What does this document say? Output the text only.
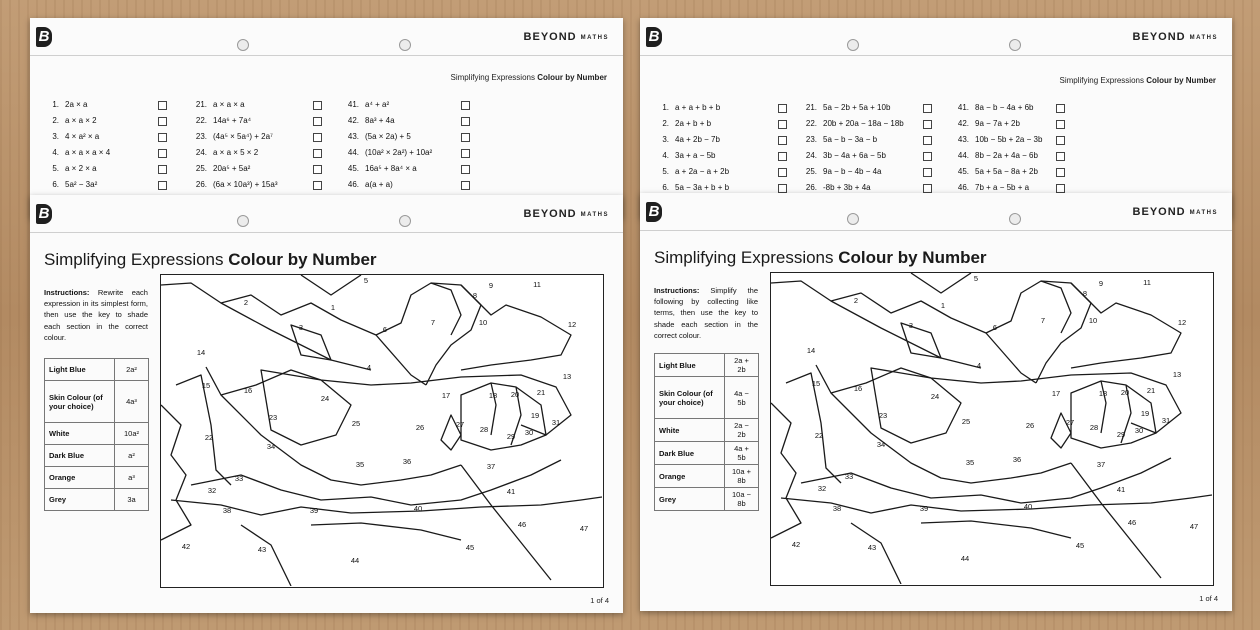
B	BEYOND MATHS
Simplifying Expressions Colour by Number
1. 2a × a
2. a × a × 2
3. 4 × a² × a
4. a × a × a × 4
5. a × 2 × a
6. 5a² − 3a²
21. a × a × a
22. 14a⁶ + 7a⁴
23. (4a⁵ × 5a⁴) + 2a⁷
24. a × a × 5 × 2
25. 20a⁵ + 5a²
26. (6a × 10a³) + 15a³
41. a⁴ + a²
42. 8a³ + 4a
43. (5a × 2a) + 5
44. (10a² × 2a²) + 10a²
45. 16a⁵ + 8a⁴ × a
46. a(a + a)
B	BEYOND MATHS
Simplifying Expressions Colour by Number
1. a + a + b + b
2. 2a + b + b
3. 4a + 2b − 7b
4. 3a + a − 5b
5. a + 2a − a + 2b
6. 5a − 3a + b + b
21. 5a − 2b + 5a + 10b
22. 20b + 20a − 18a − 18b
23. 5a − b − 3a − b
24. 3b − 4a + 6a − 5b
25. 9a − b − 4b − 4a
26. -8b + 3b + 4a
41. 8a − b − 4a + 6b
42. 9a − 7a + 2b
43. 10b − 5b + 2a − 3b
44. 8b − 2a + 4a − 6b
45. 5a + 5a − 8a + 2b
46. 7b + a − 5b + a
B	BEYOND MATHS
Simplifying Expressions Colour by Number
Instructions: Rewrite each expression in its simplest form, then use the key to shade each section in the correct colour.
Light Blue	2a²
Skin Colour (of your choice)	4a³
White	10a²
Dark Blue	a²
Orange	a³
Grey	3a
1
2
3
4
5
6
7
8
9
10
11
12
13
14
15
16
17	18
19
20 21
22
23
24
25	26	27
28
29 30
31
32
33
34
35	36
37
38	39	40
41
42	43
44
45
46	47
1 of 4
B	BEYOND MATHS
Simplifying Expressions Colour by Number
Instructions: Simplify the following by collecting like terms, then use the key to shade each section in the correct colour.
Light Blue	2a + 2b
Skin Colour (of your choice)	4a − 5b
White	2a − 2b
Dark Blue	4a + 5b
Orange	10a + 8b
Grey	10a − 8b
1
2
3
4
5
6
7
8
9
10
11
12
13
14
15
16
17	18
19
20 21
22
23
24
25	26	27
28
29 30
31
32
33
34
35	36
37
38	39	40
41
42	43
44
45
46	47
1 of 4
